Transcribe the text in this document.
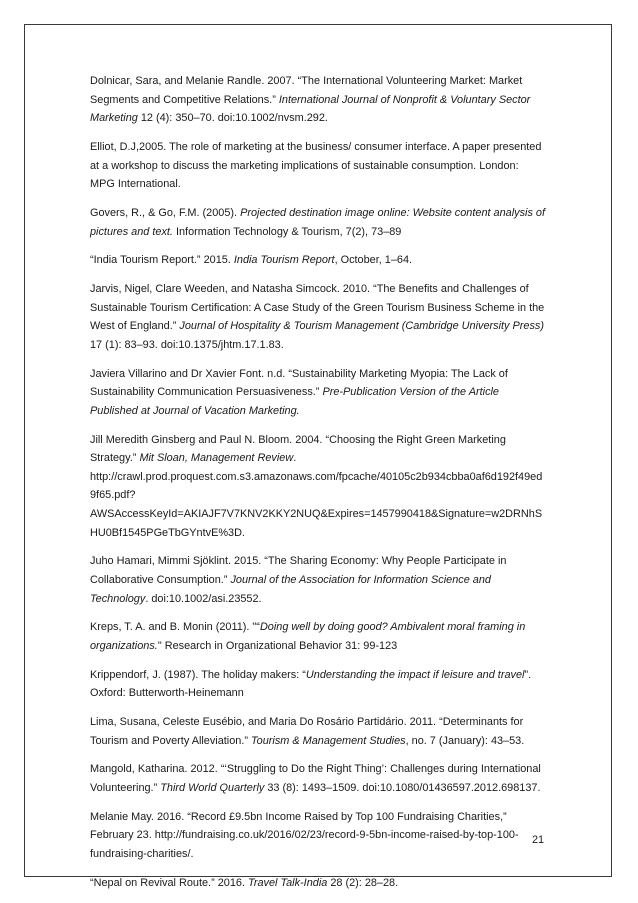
Dolnicar, Sara, and Melanie Randle. 2007. “The International Volunteering Market: Market Segments and Competitive Relations.” International Journal of Nonprofit & Voluntary Sector Marketing 12 (4): 350–70. doi:10.1002/nvsm.292.

Elliot, D.J,2005. The role of marketing at the business/ consumer interface. A paper presented at a workshop to discuss the marketing implications of sustainable consumption. London: MPG International.

Govers, R., & Go, F.M. (2005). Projected destination image online: Website content analysis of pictures and text. Information Technology & Tourism, 7(2), 73–89

“India Tourism Report.” 2015. India Tourism Report, October, 1–64.

Jarvis, Nigel, Clare Weeden, and Natasha Simcock. 2010. “The Benefits and Challenges of Sustainable Tourism Certification: A Case Study of the Green Tourism Business Scheme in the West of England.” Journal of Hospitality & Tourism Management (Cambridge University Press) 17 (1): 83–93. doi:10.1375/jhtm.17.1.83.

Javiera Villarino and Dr Xavier Font. n.d. “Sustainability Marketing Myopia: The Lack of Sustainability Communication Persuasiveness.” Pre-Publication Version of the Article Published at Journal of Vacation Marketing.

Jill Meredith Ginsberg and Paul N. Bloom. 2004. “Choosing the Right Green Marketing Strategy.” Mit Sloan, Management Review. http://crawl.prod.proquest.com.s3.amazonaws.com/fpcache/40105c2b934cbba0af6d192f49ed9f65.pdf?AWSAccessKeyId=AKIAJF7V7KNV2KKY2NUQ&Expires=1457990418&Signature=w2DRNhSHU0Bf1545PGeTbGYntvE%3D.

Juho Hamari, Mimmi Sjöklint. 2015. “The Sharing Economy: Why People Participate in Collaborative Consumption.” Journal of the Association for Information Science and Technology. doi:10.1002/asi.23552.

Kreps, T. A. and B. Monin (2011). "“Doing well by doing good? Ambivalent moral framing in organizations." Research in Organizational Behavior 31: 99-123

Krippendorf, J. (1987). The holiday makers: “Understanding the impact if leisure and travel”. Oxford: Butterworth-Heinemann

Lima, Susana, Celeste Eusébio, and Maria Do Rosário Partidário. 2011. “Determinants for Tourism and Poverty Alleviation.” Tourism & Management Studies, no. 7 (January): 43–53.

Mangold, Katharina. 2012. “‘Struggling to Do the Right Thing’: Challenges during International Volunteering.” Third World Quarterly 33 (8): 1493–1509. doi:10.1080/01436597.2012.698137.

Melanie May. 2016. “Record £9.5bn Income Raised by Top 100 Fundraising Charities,” February 23. http://fundraising.co.uk/2016/02/23/record-9-5bn-income-raised-by-top-100-fundraising-charities/.

“Nepal on Revival Route.” 2016. Travel Talk-India 28 (2): 28–28.

21
